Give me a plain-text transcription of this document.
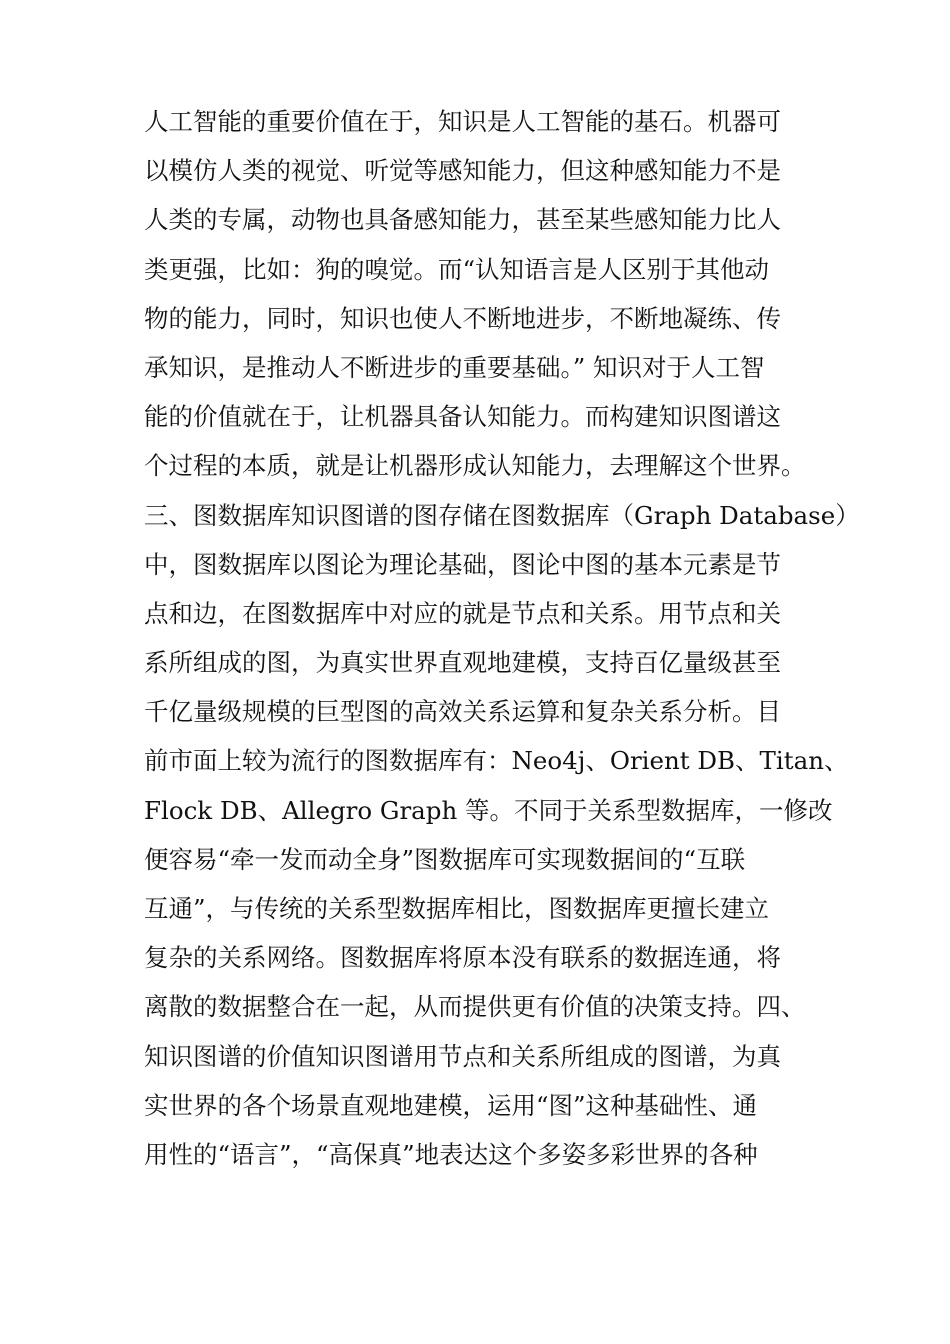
人工智能的重要价值在于，知识是人工智能的基石。机器可
以模仿人类的视觉、听觉等感知能力，但这种感知能力不是
人类的专属，动物也具备感知能力，甚至某些感知能力比人
类更强，比如：狗的嗅觉。而“认知语言是人区别于其他动
物的能力，同时，知识也使人不断地进步，不断地凝练、传
承知识，是推动人不断进步的重要基础。” 知识对于人工智
能的价值就在于，让机器具备认知能力。而构建知识图谱这
个过程的本质，就是让机器形成认知能力，去理解这个世界。
三、图数据库知识图谱的图存储在图数据库（Graph Database）
中，图数据库以图论为理论基础，图论中图的基本元素是节
点和边，在图数据库中对应的就是节点和关系。用节点和关
系所组成的图，为真实世界直观地建模，支持百亿量级甚至
千亿量级规模的巨型图的高效关系运算和复杂关系分析。目
前市面上较为流行的图数据库有：Neo4j、Orient DB、Titan、
Flock DB、Allegro Graph 等。不同于关系型数据库，一修改
便容易“牵一发而动全身”图数据库可实现数据间的“互联
互通”，与传统的关系型数据库相比，图数据库更擅长建立
复杂的关系网络。图数据库将原本没有联系的数据连通，将
离散的数据整合在一起，从而提供更有价值的决策支持。四、
知识图谱的价值知识图谱用节点和关系所组成的图谱，为真
实世界的各个场景直观地建模，运用“图”这种基础性、通
用性的“语言”，“高保真”地表达这个多姿多彩世界的各种
